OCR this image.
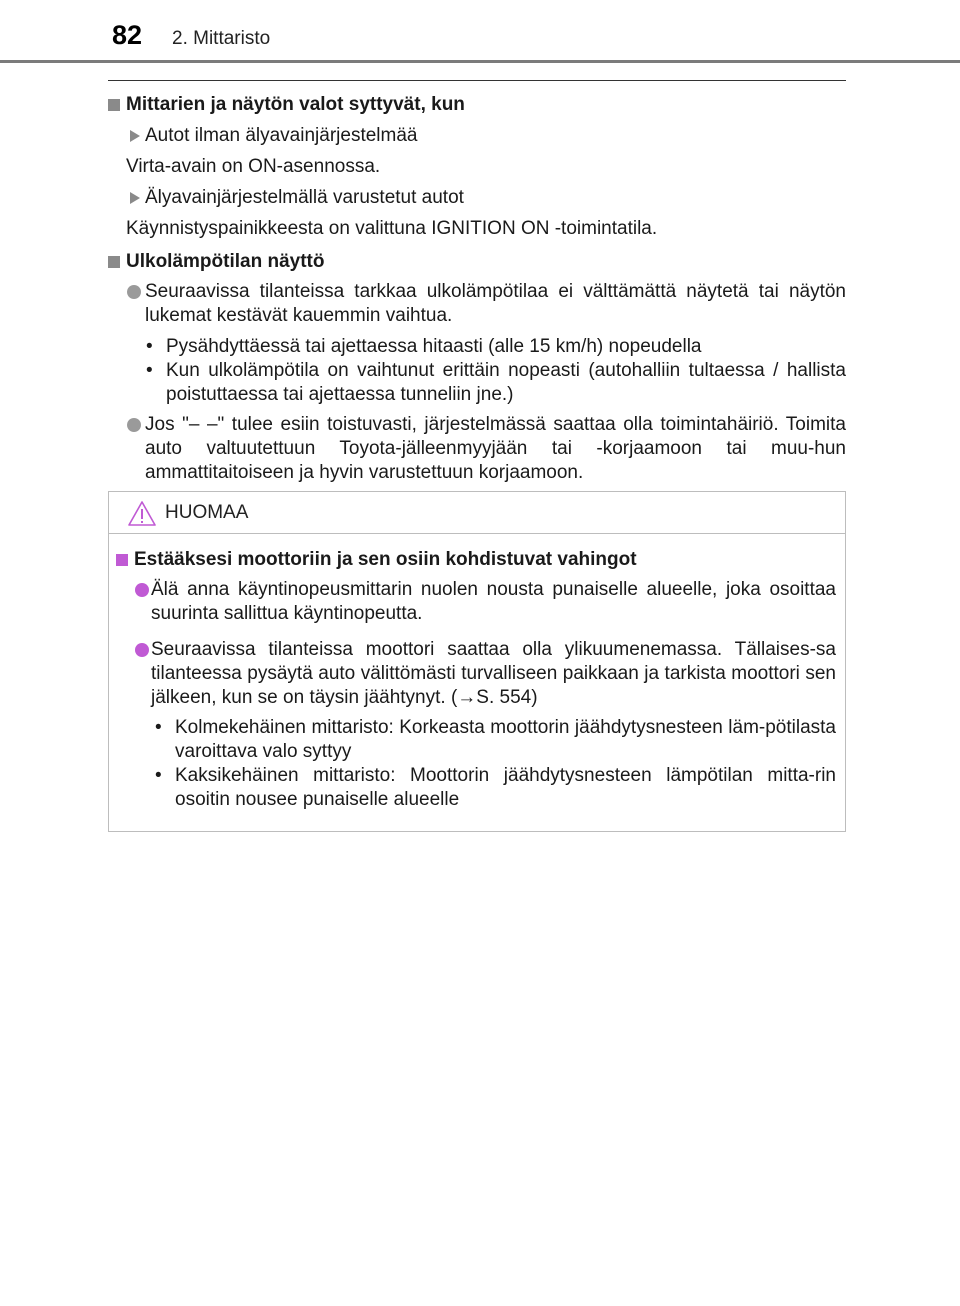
82 2. Mittaristo
Mittarien ja näytön valot syttyvät, kun
Autot ilman älyavainjärjestelmää
Virta-avain on ON-asennossa.
Älyavainjärjestelmällä varustetut autot
Käynnistyspainikkeesta on valittuna IGNITION ON -toimintatila.
Ulkolämpötilan näyttö
Seuraavissa tilanteissa tarkkaa ulkolämpötilaa ei välttämättä näytetä tai näytön lukemat kestävät kauemmin vaihtua.
• Pysähdyttäessä tai ajettaessa hitaasti (alle 15 km/h) nopeudella
• Kun ulkolämpötila on vaihtunut erittäin nopeasti (autohalliin tultaessa / hallista poistuttaessa tai ajettaessa tunneliin jne.)
Jos "– –" tulee esiin toistuvasti, järjestelmässä saattaa olla toimintahäiriö. Toimita auto valtuutettuun Toyota-jälleenmyyjään tai -korjaamoon tai muu-hun ammattitaitoiseen ja hyvin varustettuun korjaamoon.
HUOMAA
Estääksesi moottoriin ja sen osiin kohdistuvat vahingot
Älä anna käyntinopeusmittarin nuolen nousta punaiselle alueelle, joka osoittaa suurinta sallittua käyntinopeutta.
Seuraavissa tilanteissa moottori saattaa olla ylikuumenemassa. Tällaises-sa tilanteessa pysäytä auto välittömästi turvalliseen paikkaan ja tarkista moottori sen jälkeen, kun se on täysin jäähtynyt. (→S. 554)
• Kolmekehäinen mittaristo: Korkeasta moottorin jäähdytysnesteen läm-pötilasta varoittava valo syttyy
• Kaksikehäinen mittaristo: Moottorin jäähdytysnesteen lämpötilan mitta-rin osoitin nousee punaiselle alueelle
